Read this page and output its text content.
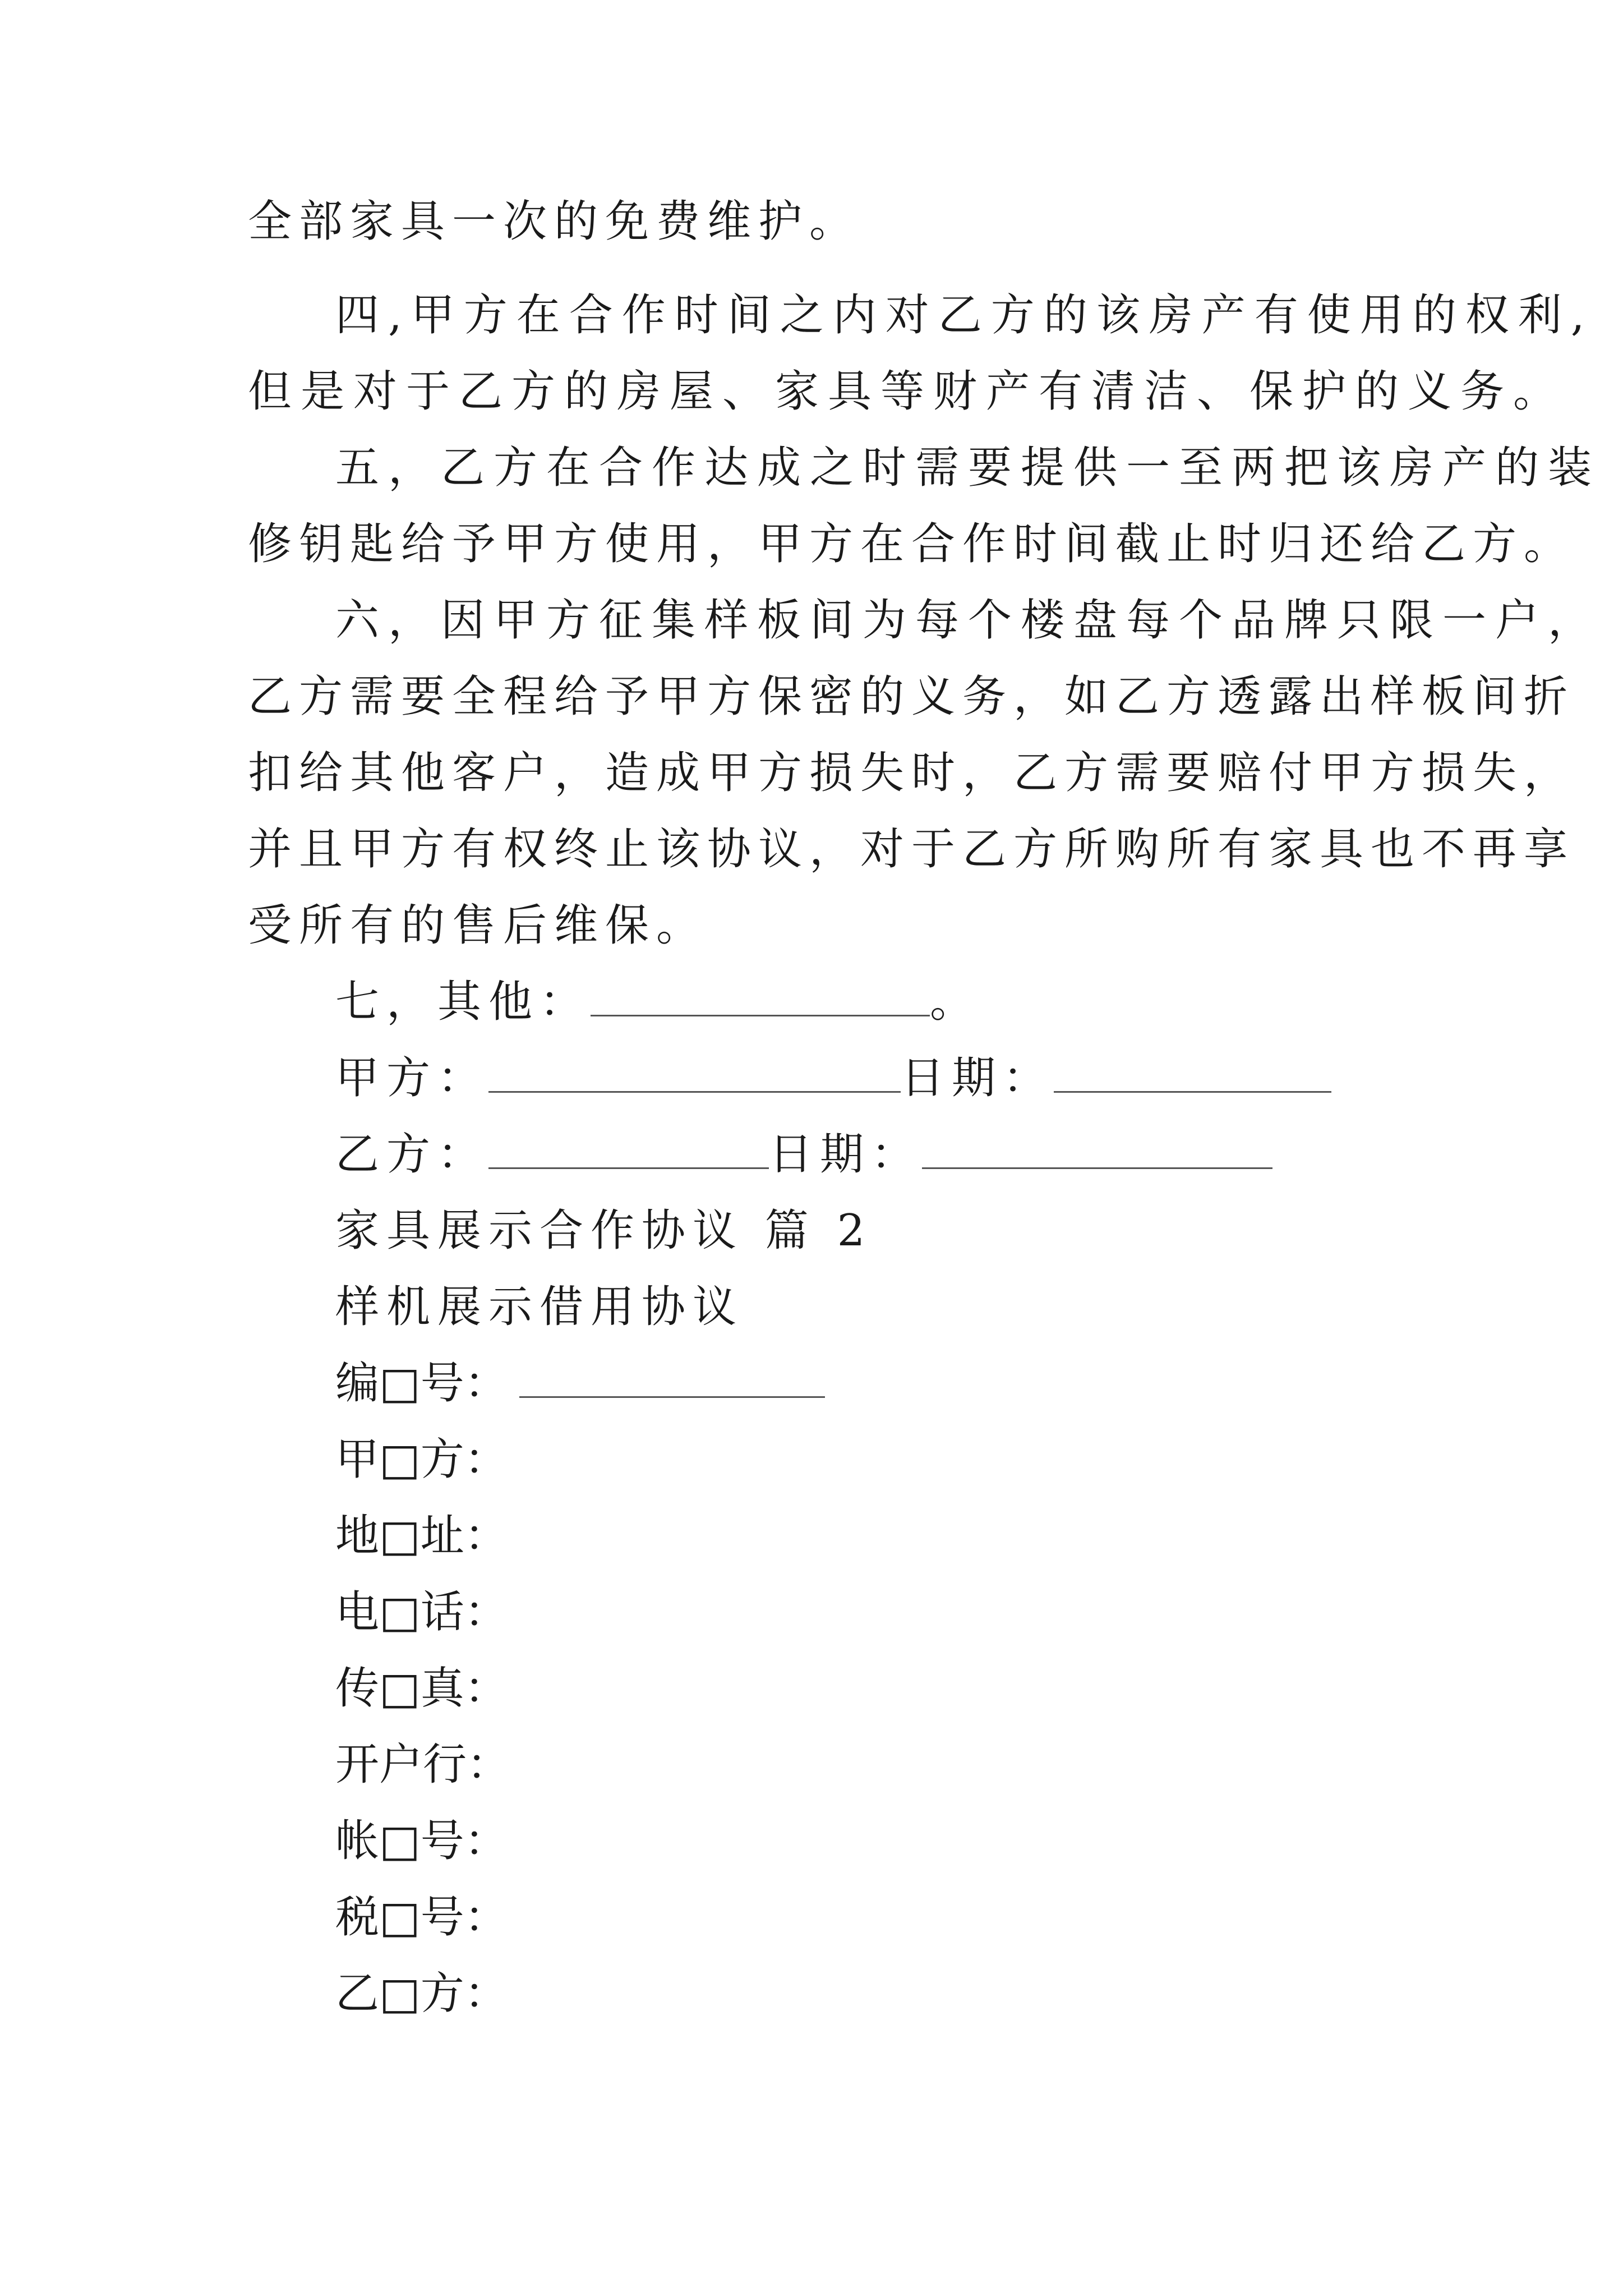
全部家具一次的免费维护。
四,甲方在合作时间之内对乙方的该房产有使用的权利,
但是对于乙方的房屋、家具等财产有清洁、保护的义务。
五，乙方在合作达成之时需要提供一至两把该房产的装
修钥匙给予甲方使用，甲方在合作时间截止时归还给乙方。
六，因甲方征集样板间为每个楼盘每个品牌只限一户，
乙方需要全程给予甲方保密的义务，如乙方透露出样板间折
扣给其他客户，造成甲方损失时，乙方需要赔付甲方损失，
并且甲方有权终止该协议，对于乙方所购所有家具也不再享
受所有的售后维保。
七，其他：	。
甲方：	日期：
乙方：	日期：
家具展示合作协议 篇 2
样机展示借用协议
编□号：
甲□方：
地□址：
电□话：
传□真：
开户行：
帐□号：
税□号：
乙□方：
